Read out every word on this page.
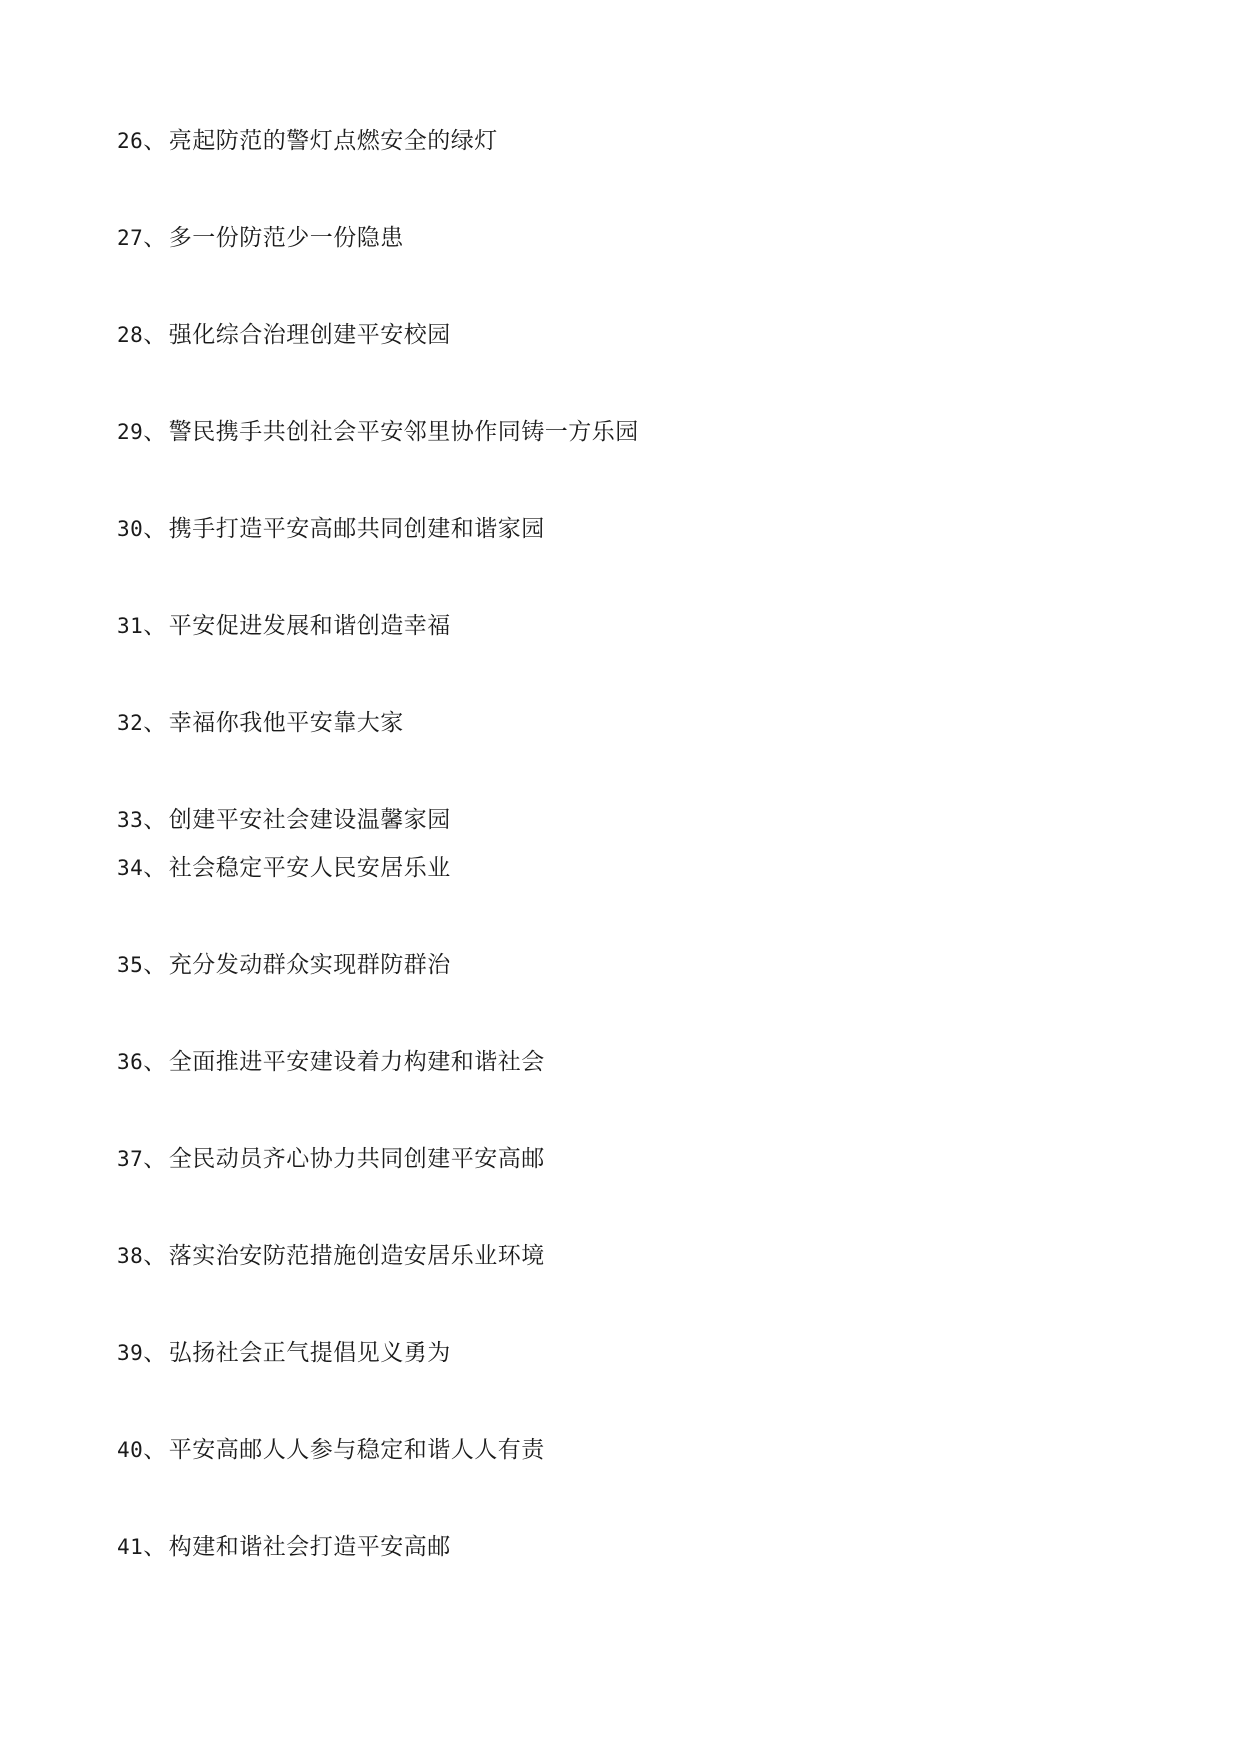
26、亮起防范的警灯点燃安全的绿灯
27、多一份防范少一份隐患
28、强化综合治理创建平安校园
29、警民携手共创社会平安邻里协作同铸一方乐园
30、携手打造平安高邮共同创建和谐家园
31、平安促进发展和谐创造幸福
32、幸福你我他平安靠大家
33、创建平安社会建设温馨家园
34、社会稳定平安人民安居乐业
35、充分发动群众实现群防群治
36、全面推进平安建设着力构建和谐社会
37、全民动员齐心协力共同创建平安高邮
38、落实治安防范措施创造安居乐业环境
39、弘扬社会正气提倡见义勇为
40、平安高邮人人参与稳定和谐人人有责
41、构建和谐社会打造平安高邮
